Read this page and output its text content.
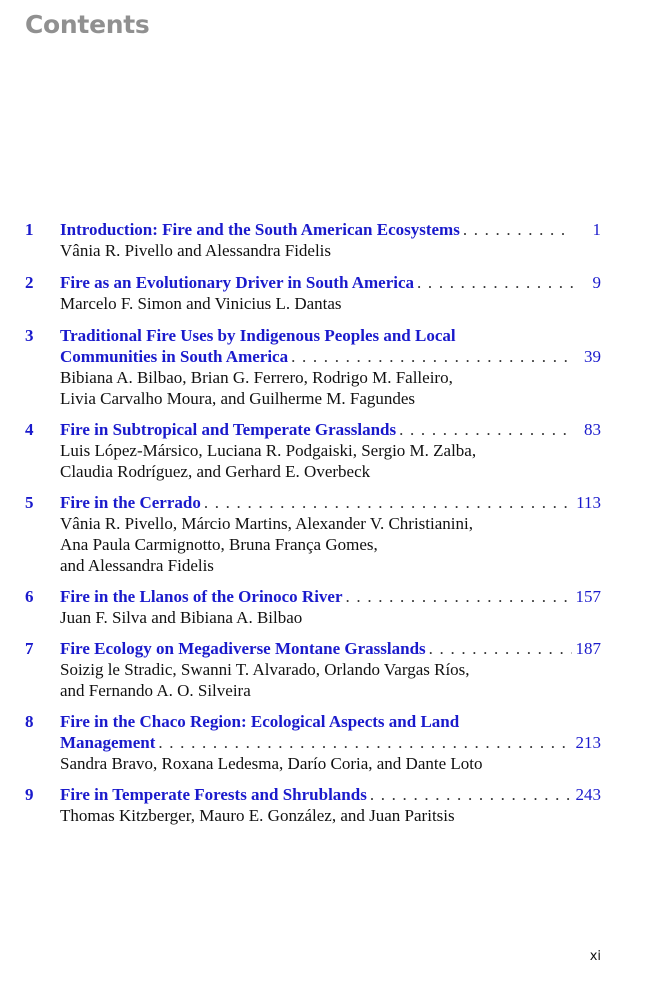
Contents
1 Introduction: Fire and the South American Ecosystems . . .	1
Vânia R. Pivello and Alessandra Fidelis
2 Fire as an Evolutionary Driver in South America . . .	9
Marcelo F. Simon and Vinicius L. Dantas
3 Traditional Fire Uses by Indigenous Peoples and Local
Communities in South America . . .	39
Bibiana A. Bilbao, Brian G. Ferrero, Rodrigo M. Falleiro,
Livia Carvalho Moura, and Guilherme M. Fagundes
4 Fire in Subtropical and Temperate Grasslands . . .	83
Luis López-Mársico, Luciana R. Podgaiski, Sergio M. Zalba,
Claudia Rodríguez, and Gerhard E. Overbeck
5 Fire in the Cerrado . . .	113
Vânia R. Pivello, Márcio Martins, Alexander V. Christianini,
Ana Paula Carmignotto, Bruna França Gomes,
and Alessandra Fidelis
6 Fire in the Llanos of the Orinoco River . . .	157
Juan F. Silva and Bibiana A. Bilbao
7 Fire Ecology on Megadiverse Montane Grasslands . . .	187
Soizig le Stradic, Swanni T. Alvarado, Orlando Vargas Ríos,
and Fernando A. O. Silveira
8 Fire in the Chaco Region: Ecological Aspects and Land
Management . . .	213
Sandra Bravo, Roxana Ledesma, Darío Coria, and Dante Loto
9 Fire in Temperate Forests and Shrublands . . .	243
Thomas Kitzberger, Mauro E. González, and Juan Paritsis
xi
